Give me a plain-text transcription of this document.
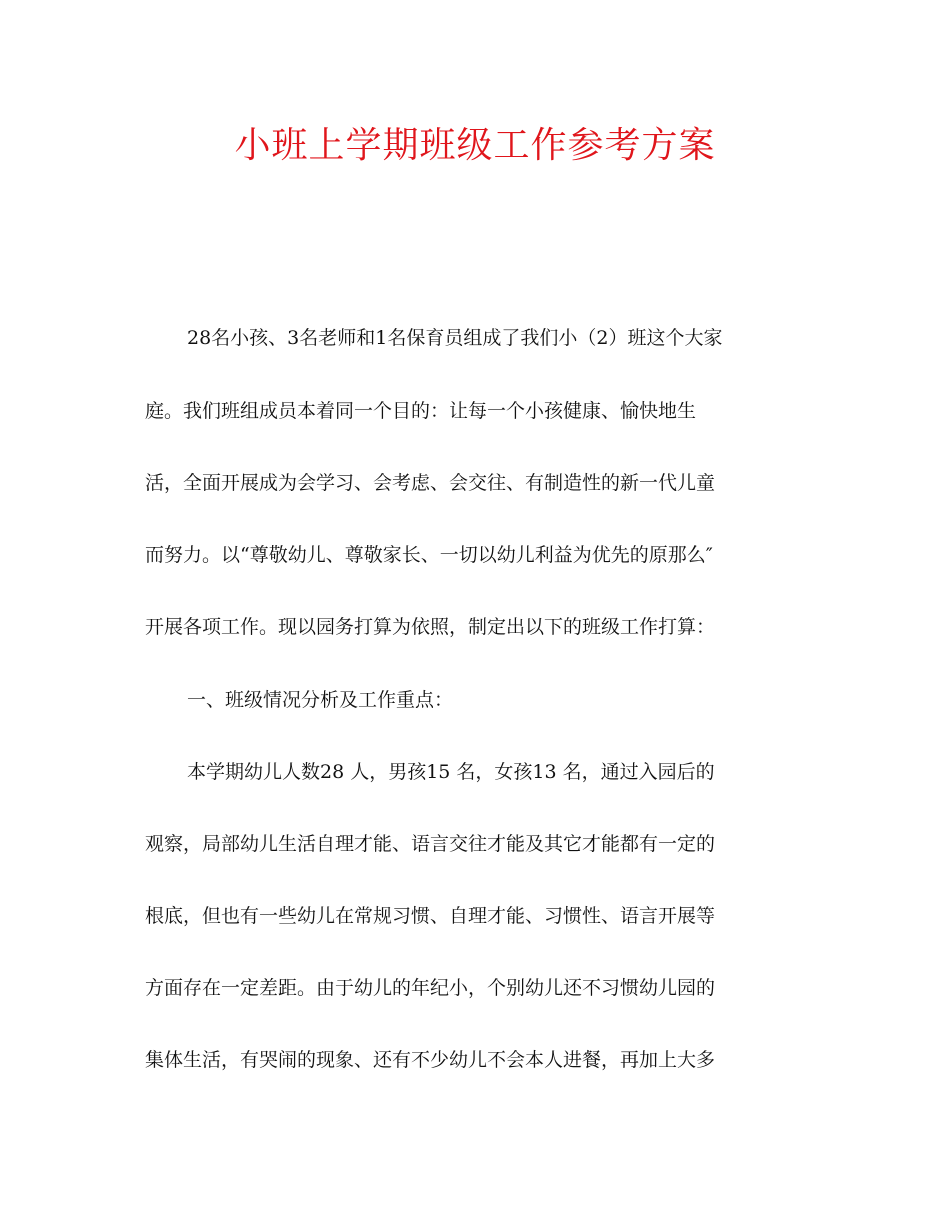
小班上学期班级工作参考方案

28名小孩、3名老师和1名保育员组成了我们小（2）班这个大家

庭。我们班组成员本着同一个目的：让每一个小孩健康、愉快地生

活，全面开展成为会学习、会考虑、会交往、有制造性的新一代儿童

而努力。以“尊敬幼儿、尊敬家长、一切以幼儿利益为优先的原那么″

开展各项工作。现以园务打算为依照，制定出以下的班级工作打算：

一、班级情况分析及工作重点：

本学期幼儿人数28 人，男孩15 名，女孩13 名，通过入园后的

观察，局部幼儿生活自理才能、语言交往才能及其它才能都有一定的

根底，但也有一些幼儿在常规习惯、自理才能、习惯性、语言开展等

方面存在一定差距。由于幼儿的年纪小，个别幼儿还不习惯幼儿园的

集体生活，有哭闹的现象、还有不少幼儿不会本人进餐，再加上大多
